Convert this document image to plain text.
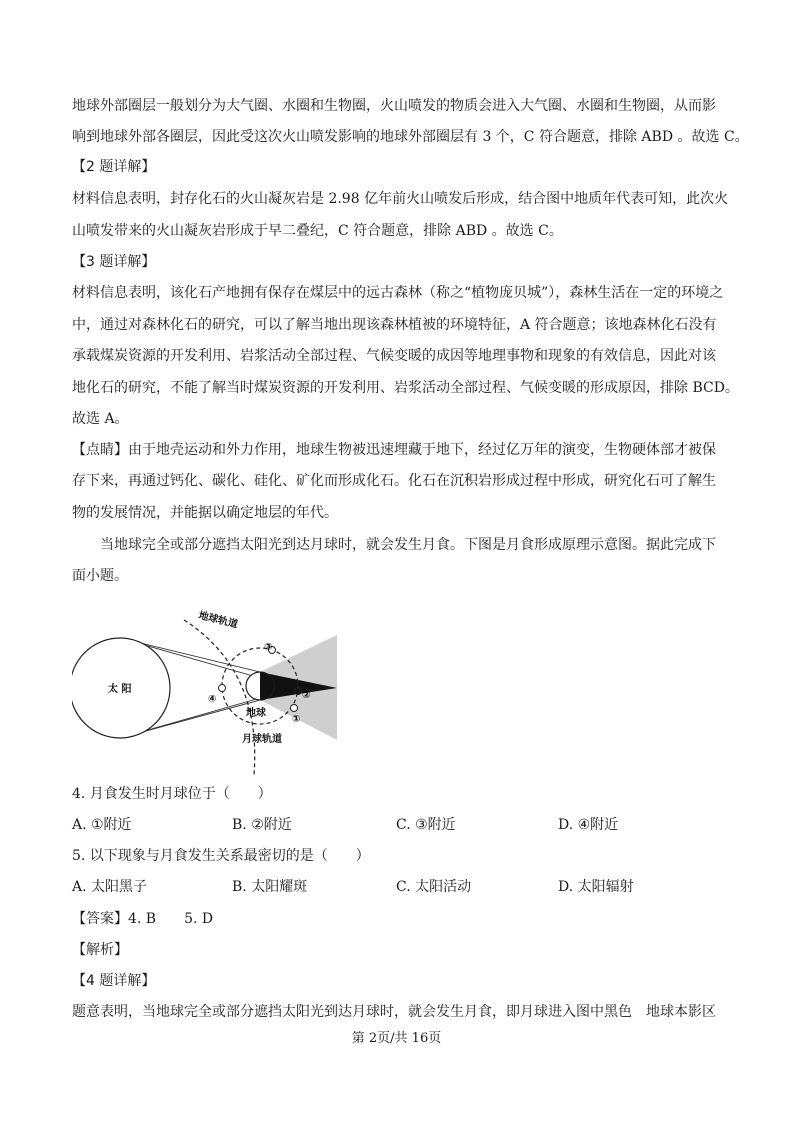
地球外部圈层一般划分为大气圈、水圈和生物圈，火山喷发的物质会进入大气圈、水圈和生物圈，从而影
响到地球外部各圈层，因此受这次火山喷发影响的地球外部圈层有 3 个，C 符合题意，排除 ABD 。故选 C。
【2 题详解】
材料信息表明，封存化石的火山凝灰岩是 2.98 亿年前火山喷发后形成，结合图中地质年代表可知，此次火
山喷发带来的火山凝灰岩形成于早二叠纪，C 符合题意，排除 ABD 。故选 C。
【3 题详解】
材料信息表明，该化石产地拥有保存在煤层中的远古森林（称之“植物庞贝城”），森林生活在一定的环境之
中，通过对森林化石的研究，可以了解当地出现该森林植被的环境特征，A 符合题意；该地森林化石没有
承载煤炭资源的开发利用、岩浆活动全部过程、气候变暖的成因等地理事物和现象的有效信息，因此对该
地化石的研究，不能了解当时煤炭资源的开发利用、岩浆活动全部过程、气候变暖的形成原因，排除 BCD。
故选 A。
【点睛】由于地壳运动和外力作用，地球生物被迅速埋藏于地下，经过亿万年的演变，生物硬体部才被保
存下来，再通过钙化、碳化、硅化、矿化而形成化石。化石在沉积岩形成过程中形成，研究化石可了解生
物的发展情况，并能据以确定地层的年代。
当地球完全或部分遮挡太阳光到达月球时，就会发生月食。下图是月食形成原理示意图。据此完成下
面小题。
太 阳
地球轨道
月球轨道
地球
③
②
①
④
4. 月食发生时月球位于（　　）
A. ①附近	B. ②附近	C. ③附近	D. ④附近
5. 以下现象与月食发生关系最密切的是（　　）
A. 太阳黑子	B. 太阳耀斑	C. 太阳活动	D. 太阳辐射
【答案】4. B　　5. D
【解析】
【4 题详解】
题意表明，当地球完全或部分遮挡太阳光到达月球时，就会发生月食，即月球进入图中黑色　地球本影区
第 2页/共 16页
